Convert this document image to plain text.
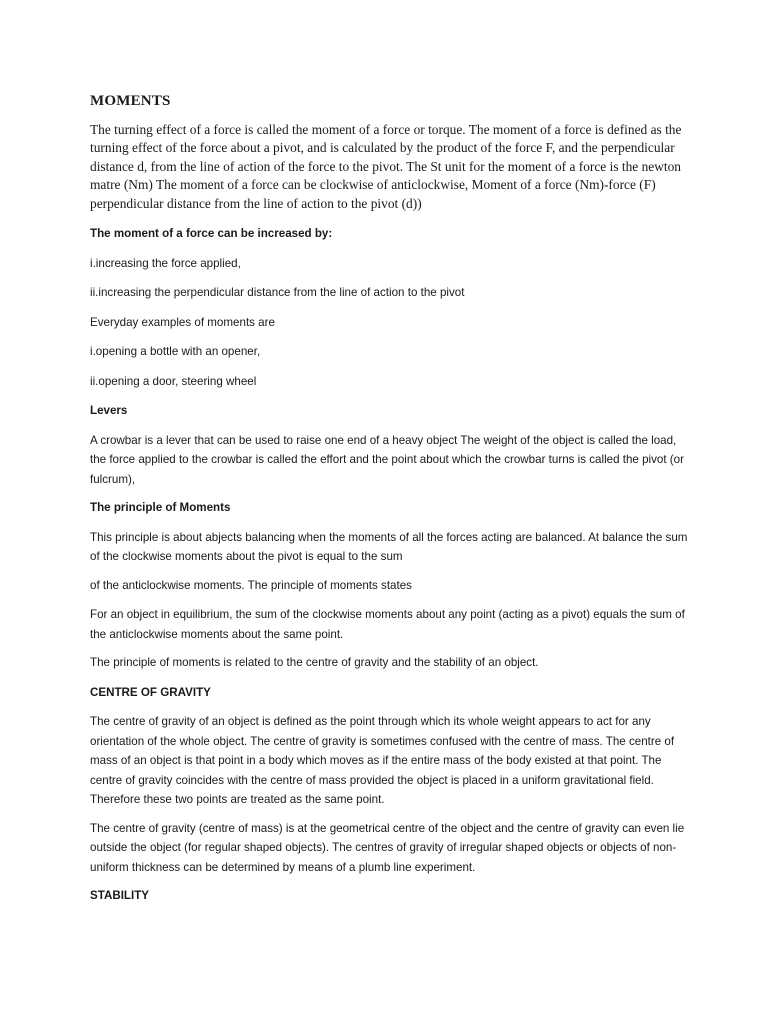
MOMENTS

The turning effect of a force is called the moment of a force or torque. The moment of a force is defined as the turning effect of the force about a pivot, and is calculated by the product of the force F, and the perpendicular distance d, from the line of action of the force to the pivot. The St unit for the moment of a force is the newton matre (Nm) The moment of a force can be clockwise of anticlockwise, Moment of a force (Nm)-force (F) perpendicular distance from the line of action to the pivot (d))

The moment of a force can be increased by:

i.increasing the force applied,

ii.increasing the perpendicular distance from the line of action to the pivot

Everyday examples of moments are

i.opening a bottle with an opener,

ii.opening a door, steering wheel

Levers

A crowbar is a lever that can be used to raise one end of a heavy object The weight of the object is called the load, the force applied to the crowbar is called the effort and the point about which the crowbar turns is called the pivot (or fulcrum),

The principle of Moments

This principle is about abjects balancing when the moments of all the forces acting are balanced. At balance the sum of the clockwise moments about the pivot is equal to the sum

of the anticlockwise moments. The principle of moments states

For an object in equilibrium, the sum of the clockwise moments about any point (acting as a pivot) equals the sum of the anticlockwise moments about the same point.

The principle of moments is related to the centre of gravity and the stability of an object.

CENTRE OF GRAVITY

The centre of gravity of an object is defined as the point through which its whole weight appears to act for any orientation of the whole object. The centre of gravity is sometimes confused with the centre of mass. The centre of mass of an object is that point in a body which moves as if the entire mass of the body existed at that point. The centre of gravity coincides with the centre of mass provided the object is placed in a uniform gravitational field. Therefore these two points are treated as the same point.

The centre of gravity (centre of mass) is at the geometrical centre of the object and the centre of gravity can even lie outside the object (for regular shaped objects). The centres of gravity of irregular shaped objects or objects of non-uniform thickness can be determined by means of a plumb line experiment.

STABILITY
